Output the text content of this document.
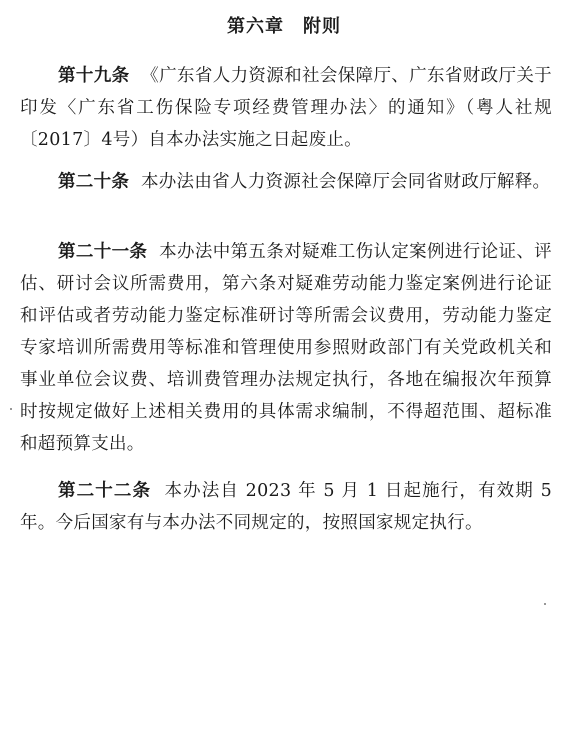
第六章　附则

第十九条 《广东省人力资源和社会保障厅、广东省财政厅关于印发〈广东省工伤保险专项经费管理办法〉的通知》（粤人社规〔2017〕4号）自本办法实施之日起废止。

第二十条 本办法由省人力资源社会保障厅会同省财政厅解释。

第二十一条 本办法中第五条对疑难工伤认定案例进行论证、评估、研讨会议所需费用，第六条对疑难劳动能力鉴定案例进行论证和评估或者劳动能力鉴定标准研讨等所需会议费用，劳动能力鉴定专家培训所需费用等标准和管理使用参照财政部门有关党政机关和事业单位会议费、培训费管理办法规定执行，各地在编报次年预算时按规定做好上述相关费用的具体需求编制，不得超范围、超标准和超预算支出。

第二十二条 本办法自 2023 年 5 月 1 日起施行，有效期 5 年。今后国家有与本办法不同规定的，按照国家规定执行。
